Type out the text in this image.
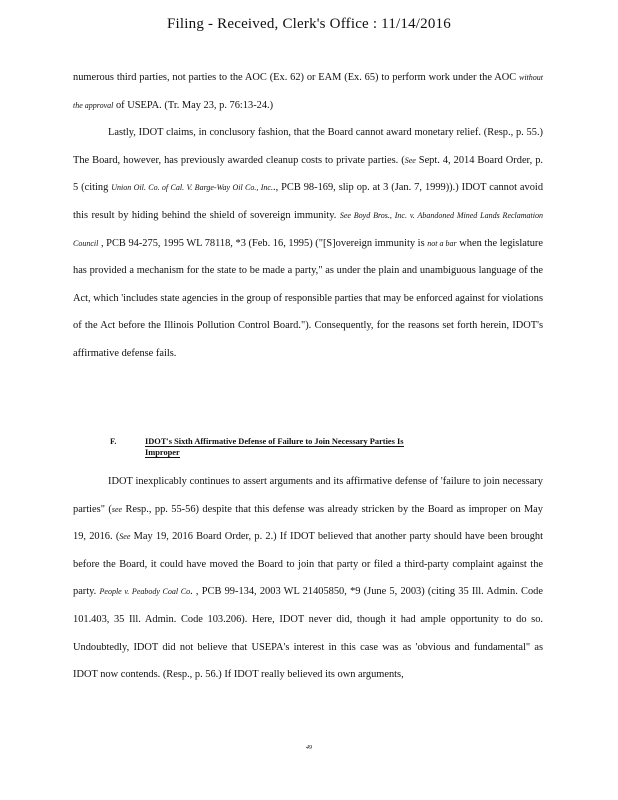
Filing - Received, Clerk's Office : 11/14/2016

numerous third parties, not parties to the AOC (Ex. 62) or EAM (Ex. 65) to perform work under the AOC without the approval of USEPA. (Tr. May 23, p. 76:13-24.)

Lastly, IDOT claims, in conclusory fashion, that the Board cannot award monetary relief. (Resp., p. 55.) The Board, however, has previously awarded cleanup costs to private parties. (See Sept. 4, 2014 Board Order, p. 5 (citing Union Oil. Co. of Cal. V. Barge-Way Oil Co., Inc.., PCB 98-169, slip op. at 3 (Jan. 7, 1999)).) IDOT cannot avoid this result by hiding behind the shield of sovereign immunity. See Boyd Bros., Inc. v. Abandoned Mined Lands Reclamation Council , PCB 94-275, 1995 WL 78118, *3 (Feb. 16, 1995) ("[S]overeign immunity is not a bar when the legislature has provided a mechanism for the state to be made a party," as under the plain and unambiguous language of the Act, which 'includes state agencies in the group of responsible parties that may be enforced against for violations of the Act before the Illinois Pollution Control Board."). Consequently, for the reasons set forth herein, IDOT's affirmative defense fails.

F.	IDOT's Sixth Affirmative Defense of Failure to Join Necessary Parties Is
Improper

IDOT inexplicably continues to assert arguments and its affirmative defense of 'failure to join necessary parties" (see Resp., pp. 55-56) despite that this defense was already stricken by the Board as improper on May 19, 2016. (See May 19, 2016 Board Order, p. 2.) If IDOT believed that another party should have been brought before the Board, it could have moved the Board to join that party or filed a third-party complaint against the party. People v. Peabody Coal Co. , PCB 99-134, 2003 WL 21405850, *9 (June 5, 2003) (citing 35 Ill. Admin. Code 101.403, 35 Ill. Admin. Code 103.206). Here, IDOT never did, though it had ample opportunity to do so. Undoubtedly, IDOT did not believe that USEPA's interest in this case was as 'obvious and fundamental" as IDOT now contends. (Resp., p. 56.) If IDOT really believed its own arguments,

49
